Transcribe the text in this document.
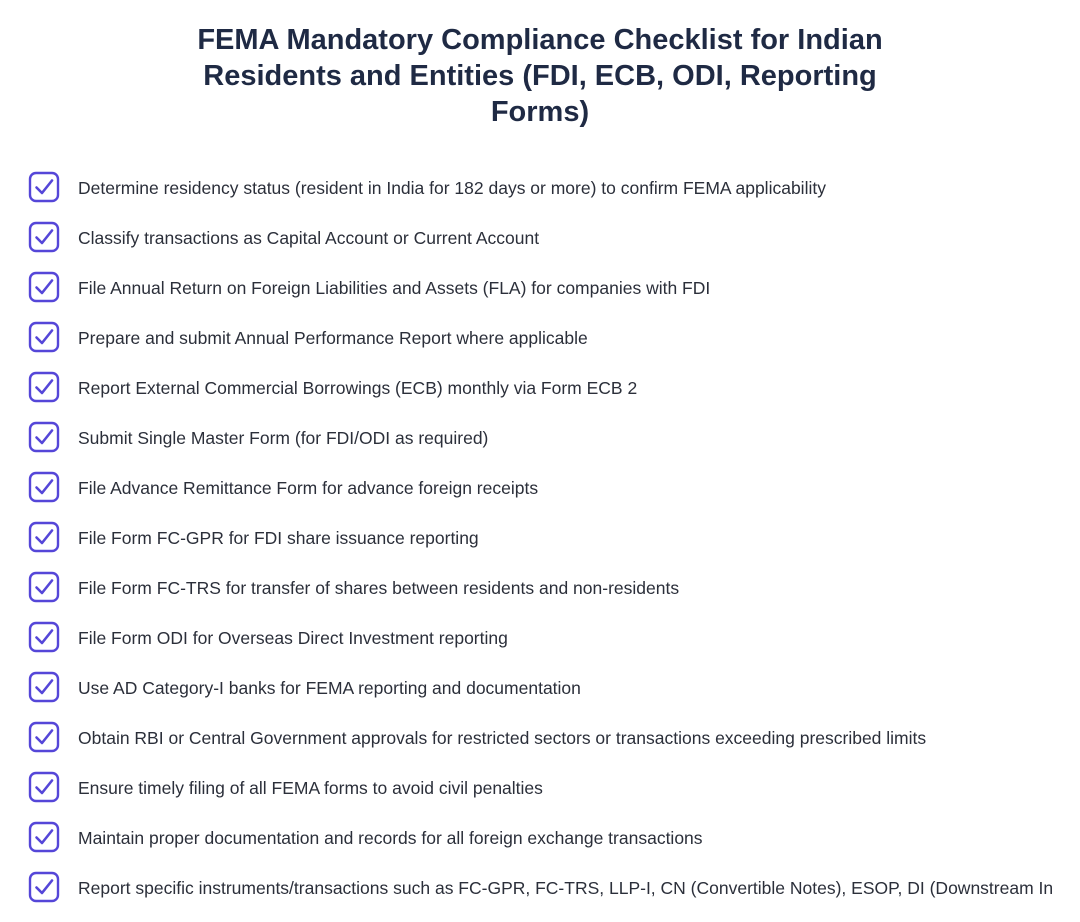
FEMA Mandatory Compliance Checklist for Indian
Residents and Entities (FDI, ECB, ODI, Reporting
Forms)
Determine residency status (resident in India for 182 days or more) to confirm FEMA applicability
Classify transactions as Capital Account or Current Account
File Annual Return on Foreign Liabilities and Assets (FLA) for companies with FDI
Prepare and submit Annual Performance Report where applicable
Report External Commercial Borrowings (ECB) monthly via Form ECB 2
Submit Single Master Form (for FDI/ODI as required)
File Advance Remittance Form for advance foreign receipts
File Form FC-GPR for FDI share issuance reporting
File Form FC-TRS for transfer of shares between residents and non-residents
File Form ODI for Overseas Direct Investment reporting
Use AD Category-I banks for FEMA reporting and documentation
Obtain RBI or Central Government approvals for restricted sectors or transactions exceeding prescribed limits
Ensure timely filing of all FEMA forms to avoid civil penalties
Maintain proper documentation and records for all foreign exchange transactions
Report specific instruments/transactions such as FC-GPR, FC-TRS, LLP-I, CN (Convertible Notes), ESOP, DI (Downstream In
